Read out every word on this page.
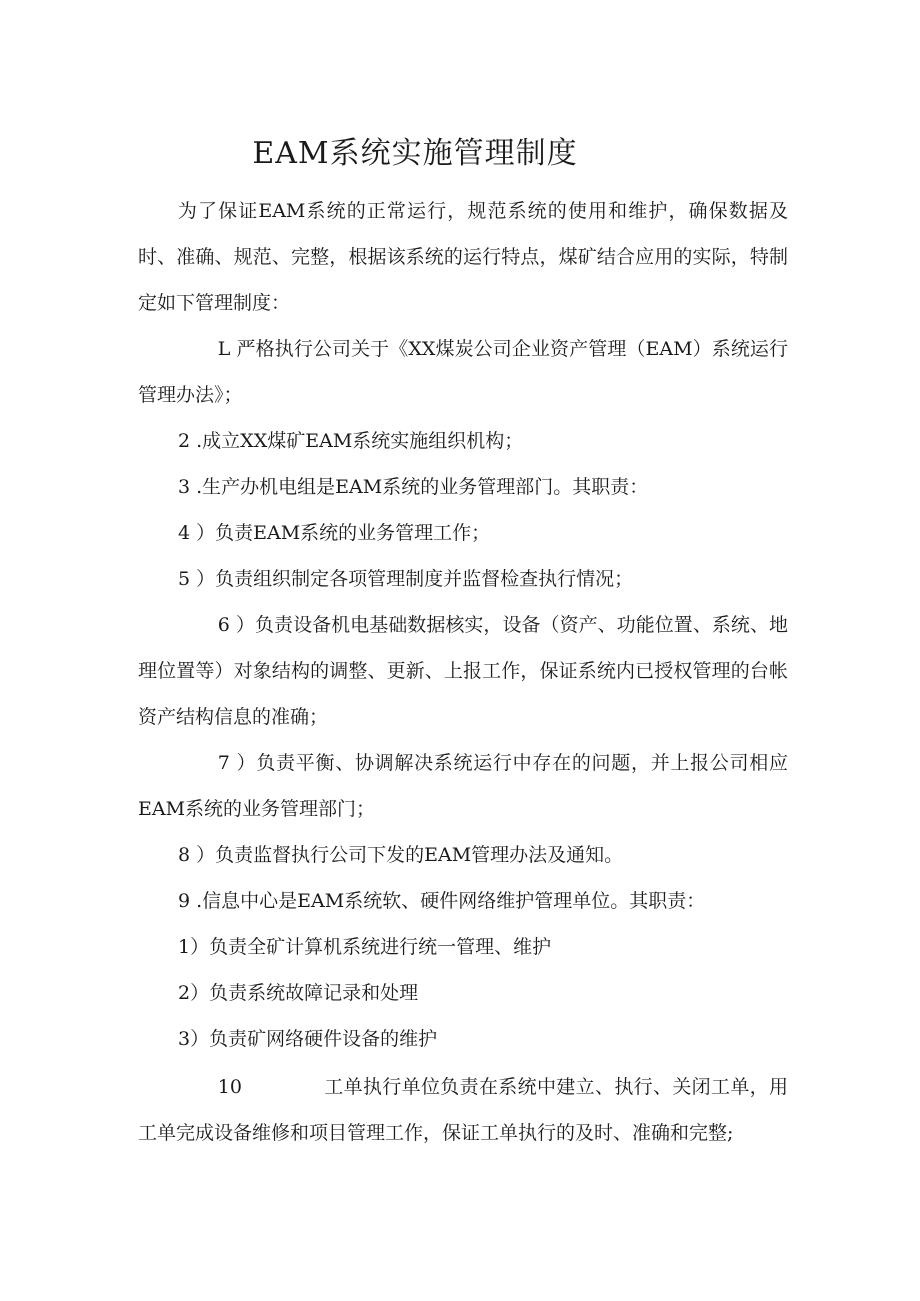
EAM系统实施管理制度

为了保证EAM系统的正常运行，规范系统的使用和维护，确保数据及时、准确、规范、完整，根据该系统的运行特点，煤矿结合应用的实际，特制定如下管理制度：

L 严格执行公司关于《XX煤炭公司企业资产管理（EAM）系统运行管理办法》；

2 .成立XX煤矿EAM系统实施组织机构；

3 .生产办机电组是EAM系统的业务管理部门。其职责：

4 ）负责EAM系统的业务管理工作；

5 ）负责组织制定各项管理制度并监督检查执行情况；

6 ）负责设备机电基础数据核实，设备（资产、功能位置、系统、地理位置等）对象结构的调整、更新、上报工作，保证系统内已授权管理的台帐资产结构信息的准确；

7 ）负责平衡、协调解决系统运行中存在的问题，并上报公司相应EAM系统的业务管理部门；

8 ）负责监督执行公司下发的EAM管理办法及通知。

9 .信息中心是EAM系统软、硬件网络维护管理单位。其职责：

1）负责全矿计算机系统进行统一管理、维护

2）负责系统故障记录和处理

3）负责矿网络硬件设备的维护

10	工单执行单位负责在系统中建立、执行、关闭工单，用工单完成设备维修和项目管理工作，保证工单执行的及时、准确和完整;
